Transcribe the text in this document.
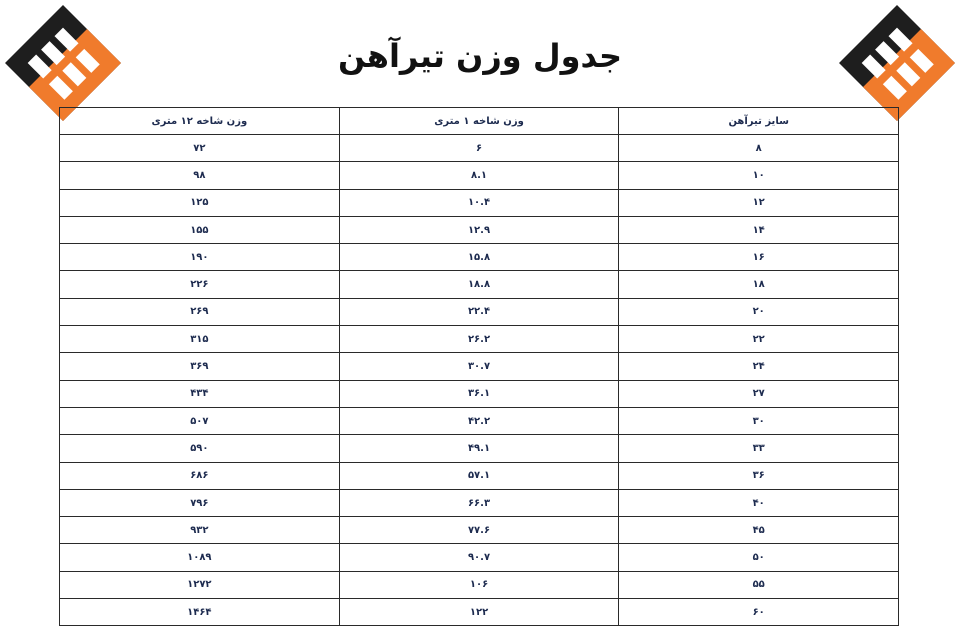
جدول وزن تیرآهن
سایز تیرآهن	وزن شاخه ۱ متری	وزن شاخه ۱۲ متری
۸	۶	۷۲
۱۰	۸.۱	۹۸
۱۲	۱۰.۴	۱۲۵
۱۴	۱۲.۹	۱۵۵
۱۶	۱۵.۸	۱۹۰
۱۸	۱۸.۸	۲۲۶
۲۰	۲۲.۴	۲۶۹
۲۲	۲۶.۲	۳۱۵
۲۴	۳۰.۷	۳۶۹
۲۷	۳۶.۱	۴۳۴
۳۰	۴۲.۲	۵۰۷
۳۳	۴۹.۱	۵۹۰
۳۶	۵۷.۱	۶۸۶
۴۰	۶۶.۳	۷۹۶
۴۵	۷۷.۶	۹۳۲
۵۰	۹۰.۷	۱۰۸۹
۵۵	۱۰۶	۱۲۷۲
۶۰	۱۲۲	۱۴۶۴
